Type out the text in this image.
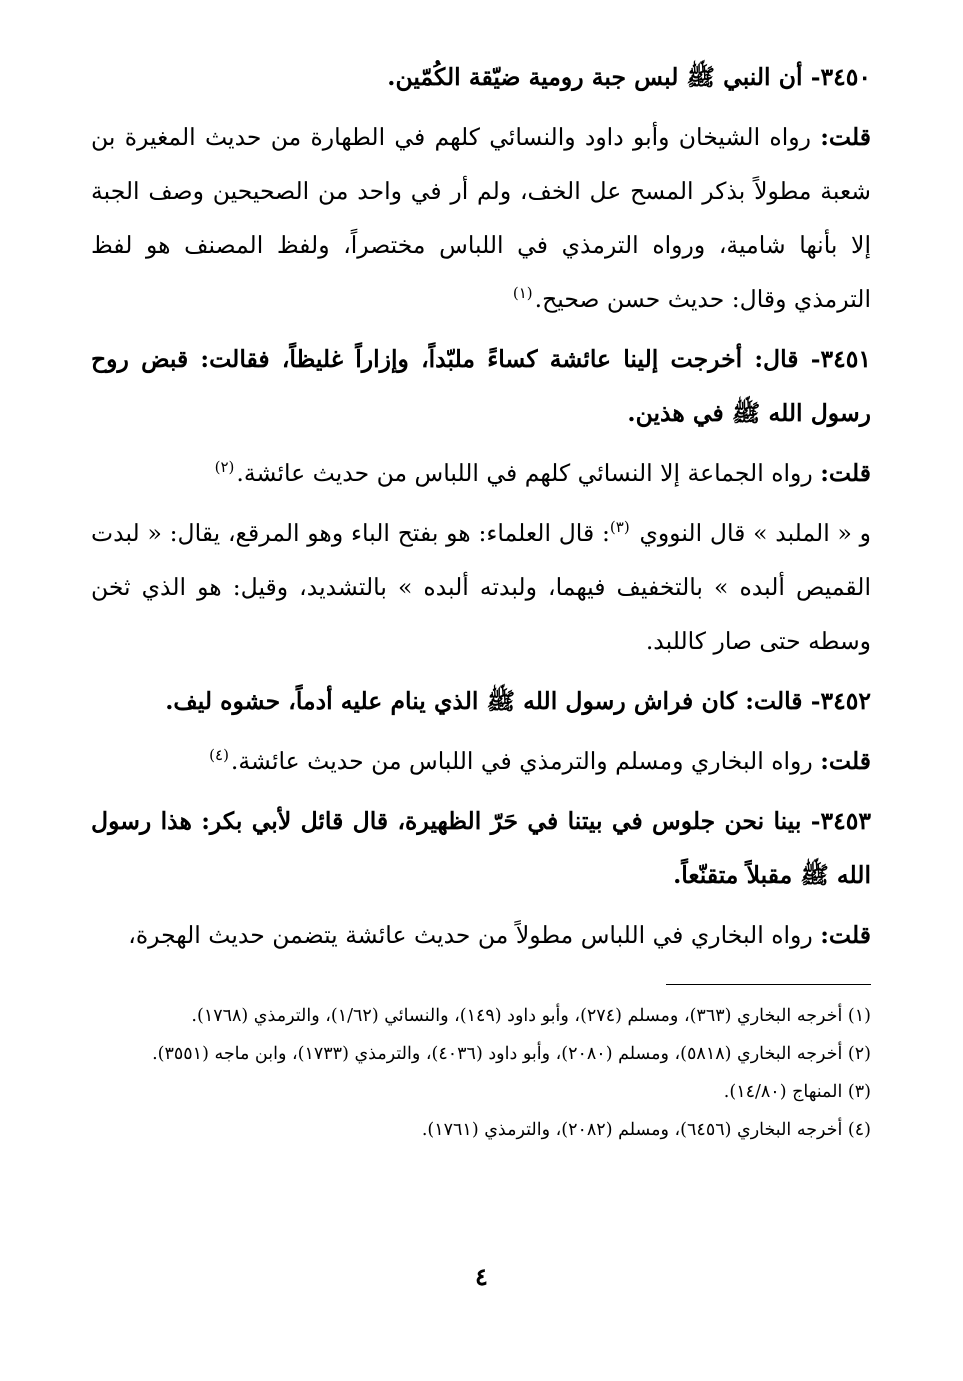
٣٤٥٠- أن النبي ﷺ لبس جبة رومية ضيّقة الكُمّين.

قلت: رواه الشيخان وأبو داود والنسائي كلهم في الطهارة من حديث المغيرة بن شعبة مطولاً بذكر المسح عل الخف، ولم أر في واحد من الصحيحين وصف الجبة إلا بأنها شامية، ورواه الترمذي في اللباس مختصراً، ولفظ المصنف هو لفظ الترمذي وقال: حديث حسن صحيح.$^{(١)}$

٣٤٥١- قال: أخرجت إلينا عائشة كساءً ملبّداً، وإزاراً غليظاً، فقالت: قبض روح رسول الله ﷺ في هذين.

قلت: رواه الجماعة إلا النسائي كلهم في اللباس من حديث عائشة.$^{(٢)}$

و « الملبد » قال النووي $^{(٣)}$: قال العلماء: هو بفتح الباء وهو المرقع، يقال: « لبدت القميص ألبده » بالتخفيف فيهما، ولبدته ألبده » بالتشديد، وقيل: هو الذي ثخن وسطه حتى صار كاللبد.

٣٤٥٢- قالت: كان فراش رسول الله ﷺ الذي ينام عليه أدماً، حشوه ليف.

قلت: رواه البخاري ومسلم والترمذي في اللباس من حديث عائشة.$^{(٤)}$

٣٤٥٣- بينا نحن جلوس في بيتنا في حَرّ الظهيرة، قال قائل لأبي بكر: هذا رسول الله ﷺ مقبلاً متقنّعاً.

قلت: رواه البخاري في اللباس مطولاً من حديث عائشة يتضمن حديث الهجرة،

(١) أخرجه البخاري (٣٦٣)، ومسلم (٢٧٤)، وأبو داود (١٤٩)، والنسائي (١/٦٢)، والترمذي (١٧٦٨).

(٢) أخرجه البخاري (٥٨١٨)، ومسلم (٢٠٨٠)، وأبو داود (٤٠٣٦)، والترمذي (١٧٣٣)، وابن ماجه (٣٥٥١).

(٣) المنهاج (١٤/٨٠).

(٤) أخرجه البخاري (٦٤٥٦)، ومسلم (٢٠٨٢)، والترمذي (١٧٦١).

٤
